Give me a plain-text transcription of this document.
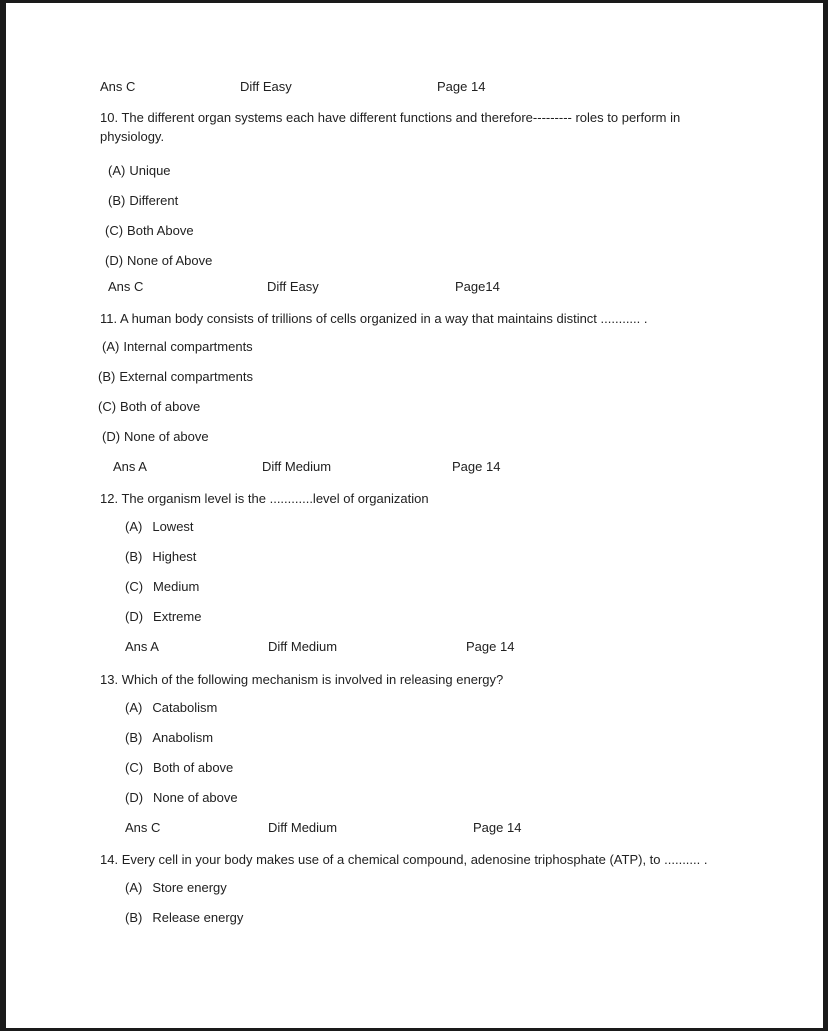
Ans C	Diff Easy	Page 14
10. The different organ systems each have different functions and therefore--------- roles to perform in physiology.
(A) Unique
(B) Different
(C) Both Above
(D) None of Above
Ans C	Diff Easy	Page14
11. A human body consists of trillions of cells organized in a way that maintains distinct ........... .
(A) Internal compartments
(B) External compartments
(C) Both of above
(D) None of above
Ans A	Diff Medium	Page 14
12. The organism level is the ............level of organization
(A) Lowest
(B) Highest
(C) Medium
(D) Extreme
Ans A	Diff Medium	Page 14
13. Which of the following mechanism is involved in releasing energy?
(A) Catabolism
(B) Anabolism
(C) Both of above
(D) None of above
Ans C	Diff Medium	Page 14
14. Every cell in your body makes use of a chemical compound, adenosine triphosphate (ATP), to .......... .
(A) Store energy
(B) Release energy
